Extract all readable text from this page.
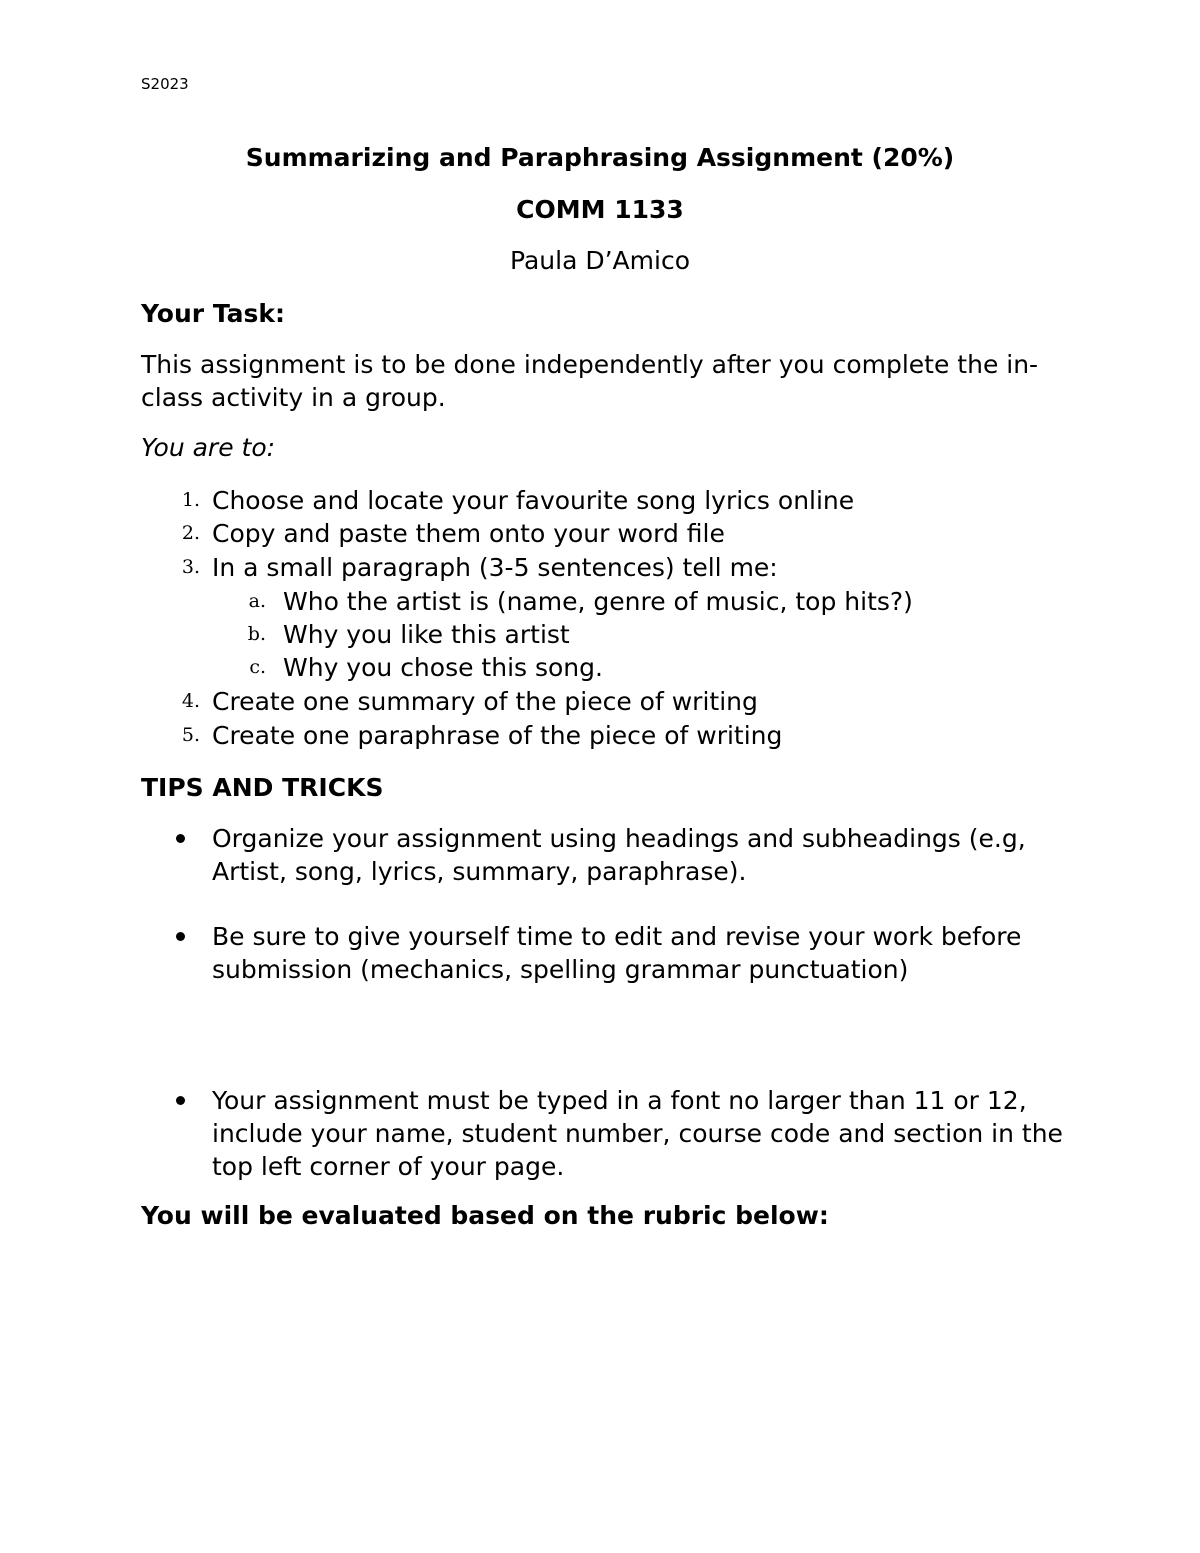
S2023
Summarizing and Paraphrasing Assignment (20%)
COMM 1133
Paula D’Amico
Your Task:
This assignment is to be done independently after you complete the in-class activity in a group.
You are to:
1. Choose and locate your favourite song lyrics online
2. Copy and paste them onto your word file
3. In a small paragraph (3-5 sentences) tell me:
a. Who the artist is (name, genre of music, top hits?)
b. Why you like this artist
c. Why you chose this song.
4. Create one summary of the piece of writing
5. Create one paraphrase of the piece of writing
TIPS AND TRICKS
Organize your assignment using headings and subheadings (e.g, Artist, song, lyrics, summary, paraphrase).
Be sure to give yourself time to edit and revise your work before submission (mechanics, spelling grammar punctuation)
Your assignment must be typed in a font no larger than 11 or 12, include your name, student number, course code and section in the top left corner of your page.
You will be evaluated based on the rubric below:
